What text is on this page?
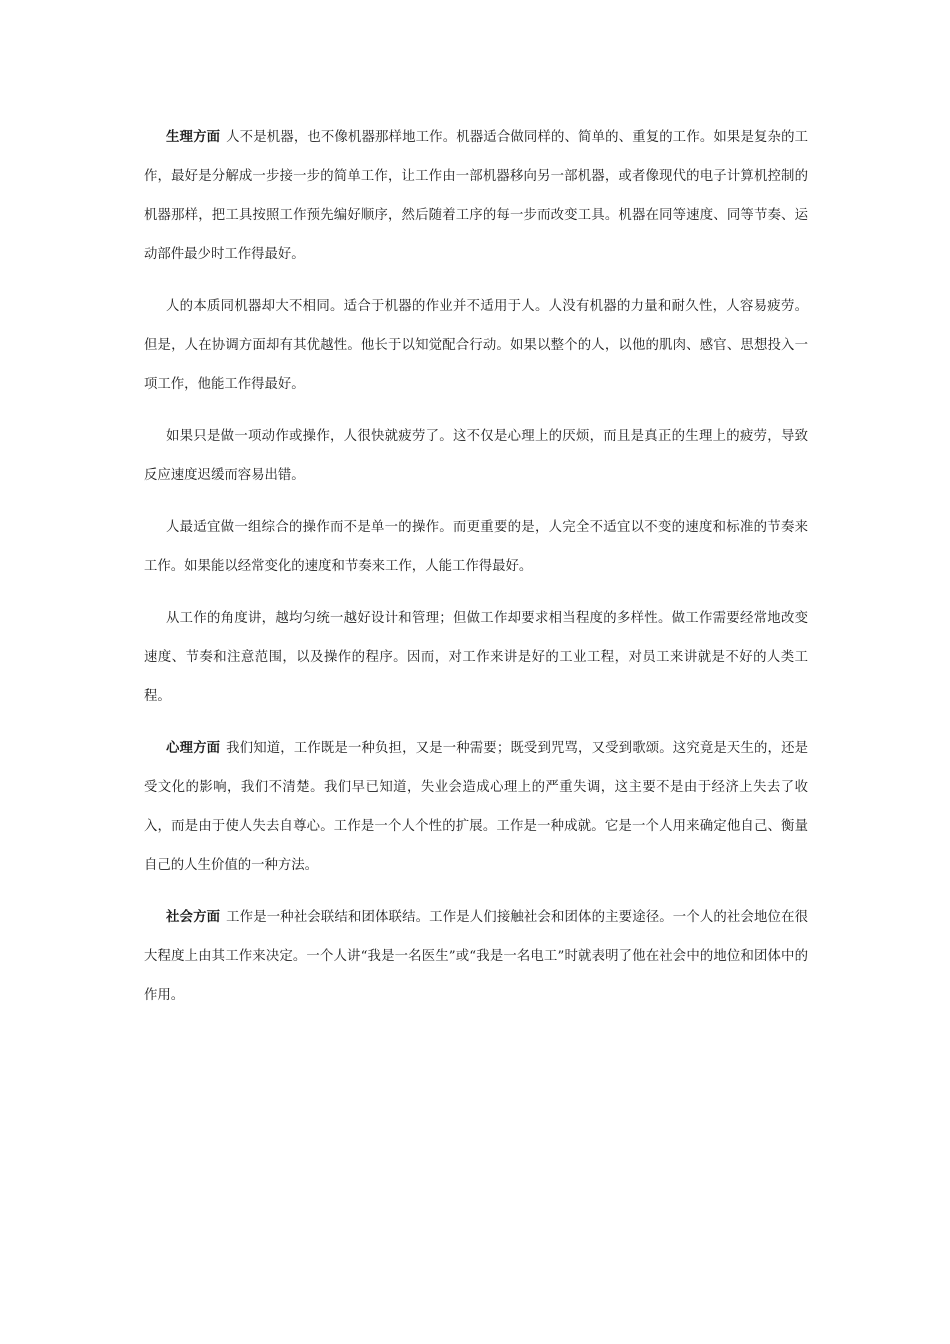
生理方面 人不是机器，也不像机器那样地工作。机器适合做同样的、简单的、重复的工作。如果是复杂的工作，最好是分解成一步接一步的简单工作，让工作由一部机器移向另一部机器，或者像现代的电子计算机控制的机器那样，把工具按照工作预先编好顺序，然后随着工序的每一步而改变工具。机器在同等速度、同等节奏、运动部件最少时工作得最好。

人的本质同机器却大不相同。适合于机器的作业并不适用于人。人没有机器的力量和耐久性，人容易疲劳。但是，人在协调方面却有其优越性。他长于以知觉配合行动。如果以整个的人，以他的肌肉、感官、思想投入一项工作，他能工作得最好。

如果只是做一项动作或操作，人很快就疲劳了。这不仅是心理上的厌烦，而且是真正的生理上的疲劳，导致反应速度迟缓而容易出错。

人最适宜做一组综合的操作而不是单一的操作。而更重要的是，人完全不适宜以不变的速度和标准的节奏来工作。如果能以经常变化的速度和节奏来工作，人能工作得最好。

从工作的角度讲，越均匀统一越好设计和管理；但做工作却要求相当程度的多样性。做工作需要经常地改变速度、节奏和注意范围，以及操作的程序。因而，对工作来讲是好的工业工程，对员工来讲就是不好的人类工程。

心理方面 我们知道，工作既是一种负担，又是一种需要；既受到咒骂，又受到歌颂。这究竟是天生的，还是受文化的影响，我们不清楚。我们早已知道，失业会造成心理上的严重失调，这主要不是由于经济上失去了收入，而是由于使人失去自尊心。工作是一个人个性的扩展。工作是一种成就。它是一个人用来确定他自己、衡量自己的人生价值的一种方法。

社会方面 工作是一种社会联结和团体联结。工作是人们接触社会和团体的主要途径。一个人的社会地位在很大程度上由其工作来决定。一个人讲“我是一名医生”或“我是一名电工”时就表明了他在社会中的地位和团体中的作用。
